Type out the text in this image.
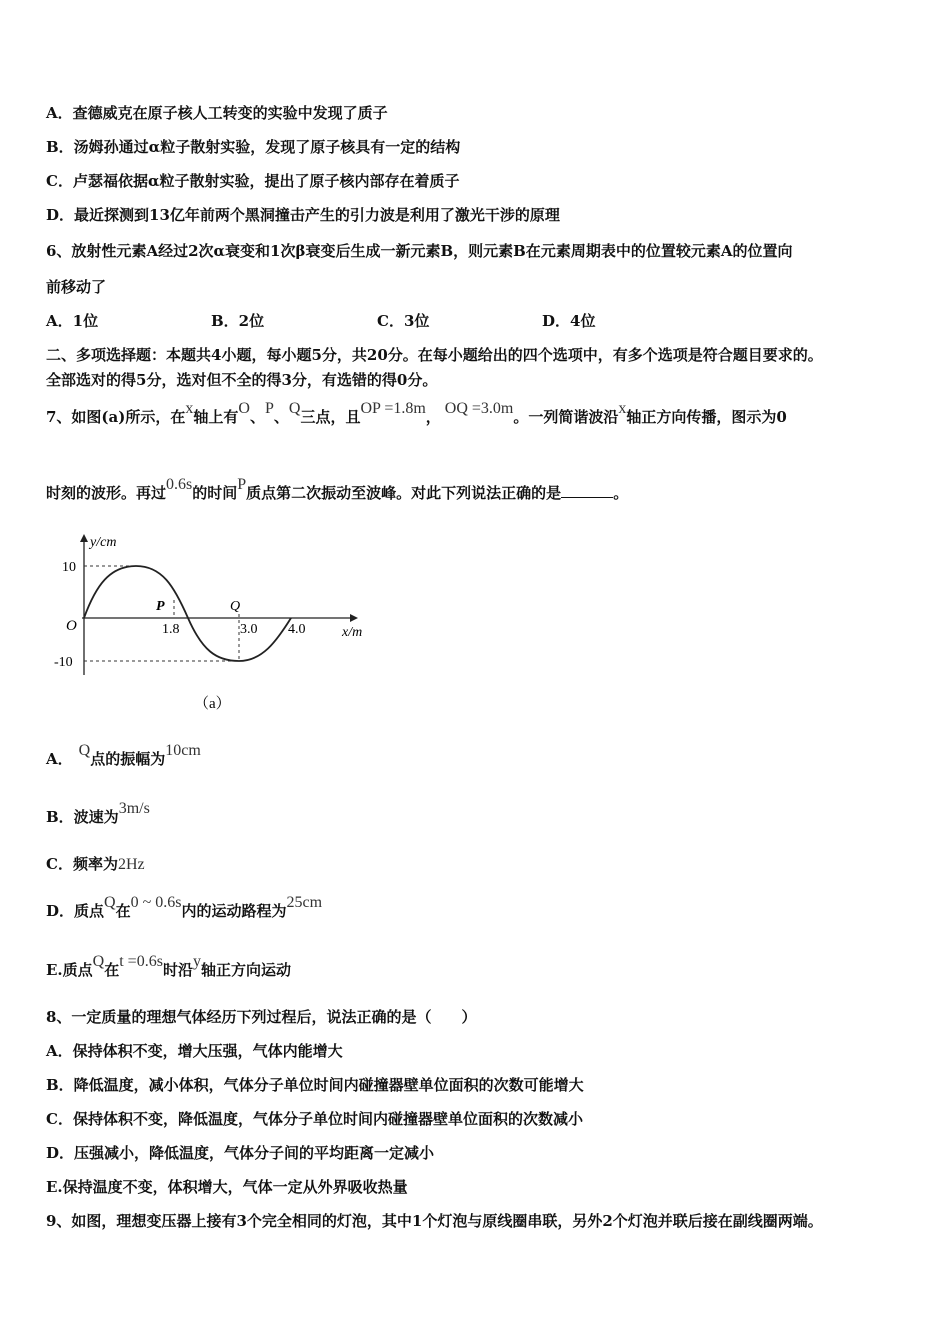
A．查德威克在原子核人工转变的实验中发现了质子
B．汤姆孙通过α粒子散射实验，发现了原子核具有一定的结构
C．卢瑟福依据α粒子散射实验，提出了原子核内部存在着质子
D．最近探测到13亿年前两个黑洞撞击产生的引力波是利用了激光干涉的原理
6、放射性元素A经过2次α衰变和1次β衰变后生成一新元素B，则元素B在元素周期表中的位置较元素A的位置向
前移动了
A．1位	B．2位	C．3位	D．4位
二、多项选择题：本题共4小题，每小题5分，共20分。在每小题给出的四个选项中，有多个选项是符合题目要求的。
全部选对的得5分，选对但不全的得3分，有选错的得0分。
7、如图(a)所示，在x轴上有O、P、Q三点，且OP =1.8m， OQ =3.0m。一列简谐波沿x轴正方向传播，图示为0
时刻的波形。再过0.6s的时间P质点第二次振动至波峰。对此下列说法正确的是	。
y/cm
x/m
O
10
-10
1.8	3.0 4.0
P	Q
（a）
A． Q点的振幅为10cm
B．波速为3m/s
C．频率为2Hz
D．质点Q在0 ~ 0.6s内的运动路程为25cm
E.质点Q在t =0.6s时沿y轴正方向运动
8、一定质量的理想气体经历下列过程后，说法正确的是（　　）
A．保持体积不变，增大压强，气体内能增大
B．降低温度，减小体积，气体分子单位时间内碰撞器壁单位面积的次数可能增大
C．保持体积不变，降低温度，气体分子单位时间内碰撞器壁单位面积的次数减小
D．压强减小，降低温度，气体分子间的平均距离一定减小
E.保持温度不变，体积增大，气体一定从外界吸收热量
9、如图，理想变压器上接有3个完全相同的灯泡，其中1个灯泡与原线圈串联，另外2个灯泡并联后接在副线圈两端。
